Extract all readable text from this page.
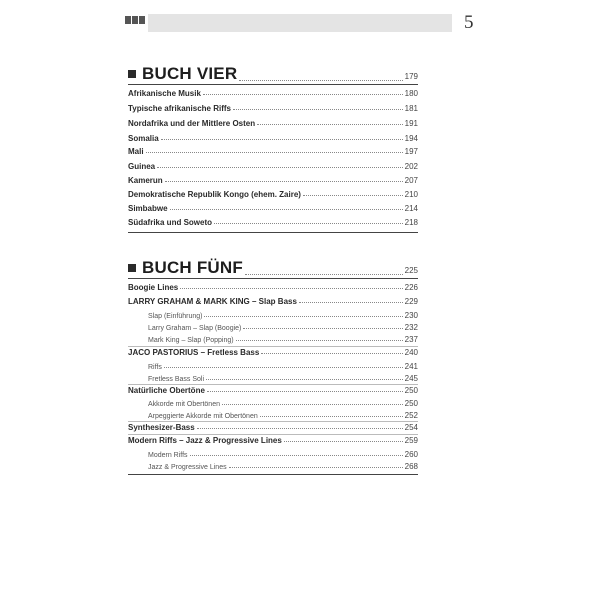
5
BUCH VIER	179
Afrikanische Musik	180
Typische afrikanische Riffs	181
Nordafrika und der Mittlere Osten	191
Somalia	194
Mali	197
Guinea	202
Kamerun	207
Demokratische Republik Kongo (ehem. Zaire)	210
Simbabwe	214
Südafrika und Soweto	218
BUCH FÜNF	225
Boogie Lines	226
LARRY GRAHAM & MARK KING – Slap Bass	229
Slap (Einführung)	230
Larry Graham – Slap (Boogie)	232
Mark King – Slap (Popping)	237
JACO PASTORIUS – Fretless Bass	240
Riffs	241
Fretless Bass Soli	245
Natürliche Obertöne	250
Akkorde mit Obertönen	250
Arpeggierte Akkorde mit Obertönen	252
Synthesizer-Bass	254
Modern Riffs – Jazz & Progressive Lines	259
Modern Riffs	260
Jazz & Progressive Lines	268
